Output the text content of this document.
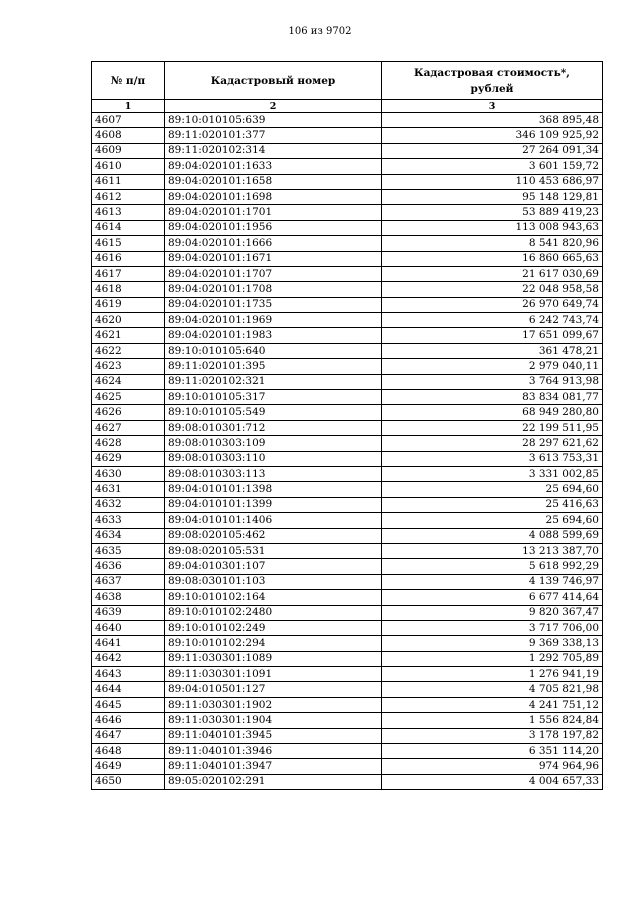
106 из 9702
№ п/п	Кадастровый номер	Кадастровая стоимость*, рублей
1	2	3
4607	89:10:010105:639	368 895,48
4608	89:11:020101:377	346 109 925,92
4609	89:11:020102:314	27 264 091,34
4610	89:04:020101:1633	3 601 159,72
4611	89:04:020101:1658	110 453 686,97
4612	89:04:020101:1698	95 148 129,81
4613	89:04:020101:1701	53 889 419,23
4614	89:04:020101:1956	113 008 943,63
4615	89:04:020101:1666	8 541 820,96
4616	89:04:020101:1671	16 860 665,63
4617	89:04:020101:1707	21 617 030,69
4618	89:04:020101:1708	22 048 958,58
4619	89:04:020101:1735	26 970 649,74
4620	89:04:020101:1969	6 242 743,74
4621	89:04:020101:1983	17 651 099,67
4622	89:10:010105:640	361 478,21
4623	89:11:020101:395	2 979 040,11
4624	89:11:020102:321	3 764 913,98
4625	89:10:010105:317	83 834 081,77
4626	89:10:010105:549	68 949 280,80
4627	89:08:010301:712	22 199 511,95
4628	89:08:010303:109	28 297 621,62
4629	89:08:010303:110	3 613 753,31
4630	89:08:010303:113	3 331 002,85
4631	89:04:010101:1398	25 694,60
4632	89:04:010101:1399	25 416,63
4633	89:04:010101:1406	25 694,60
4634	89:08:020105:462	4 088 599,69
4635	89:08:020105:531	13 213 387,70
4636	89:04:010301:107	5 618 992,29
4637	89:08:030101:103	4 139 746,97
4638	89:10:010102:164	6 677 414,64
4639	89:10:010102:2480	9 820 367,47
4640	89:10:010102:249	3 717 706,00
4641	89:10:010102:294	9 369 338,13
4642	89:11:030301:1089	1 292 705,89
4643	89:11:030301:1091	1 276 941,19
4644	89:04:010501:127	4 705 821,98
4645	89:11:030301:1902	4 241 751,12
4646	89:11:030301:1904	1 556 824,84
4647	89:11:040101:3945	3 178 197,82
4648	89:11:040101:3946	6 351 114,20
4649	89:11:040101:3947	974 964,96
4650	89:05:020102:291	4 004 657,33
